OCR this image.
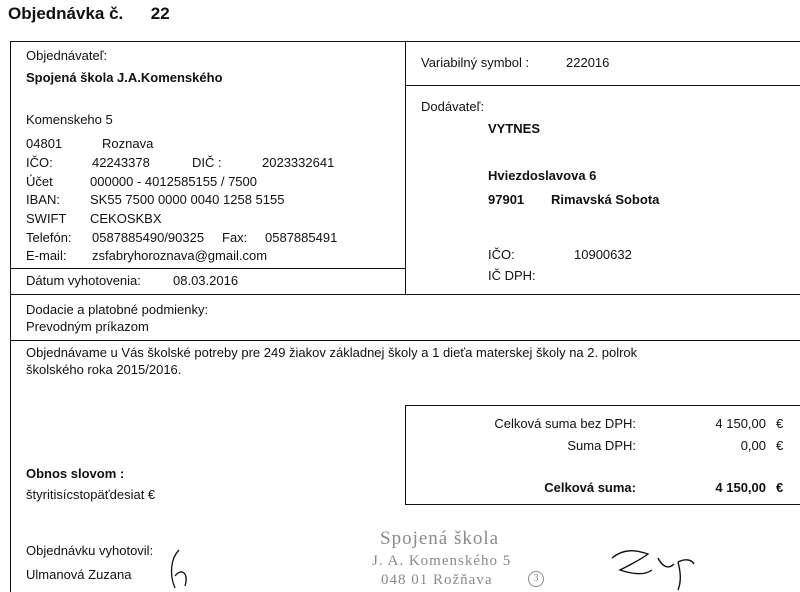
Objednávka č. 22
Objednávateľ:
Spojená škola J.A.Komenského
Komenskeho 5
04801	Roznava
IČO:	42243378	DIČ :	2023332641
Účet	000000 - 4012585155 / 7500
IBAN: SK55 7500 0000 0040 1258 5155
SWIFT CEKOSKBX
Telefón: 0587885490/90325 Fax: 0587885491
E-mail: zsfabryhoroznava@gmail.com
Dátum vyhotovenia: 08.03.2016
Variabilný symbol :	222016
Dodávateľ:
VYTNES
Hviezdoslavova 6
97901 Rimavská Sobota
IČO:	10900632
IČ DPH:
Dodacie a platobné podmienky:
Prevodným príkazom
Objednávame u Vás školské potreby pre 249 žiakov základnej školy a 1 dieťa materskej školy na 2. polrok
školského roka 2015/2016.
Celková suma bez DPH:	4 150,00 €
Suma DPH:	0,00 €
Celková suma:	4 150,00 €
Obnos slovom :
štyritisícstopäťdesiat €
Objednávku vyhotovil:
Ulmanová Zuzana
Spojená škola
J. A. Komenského 5
048 01 Rožňava	3
